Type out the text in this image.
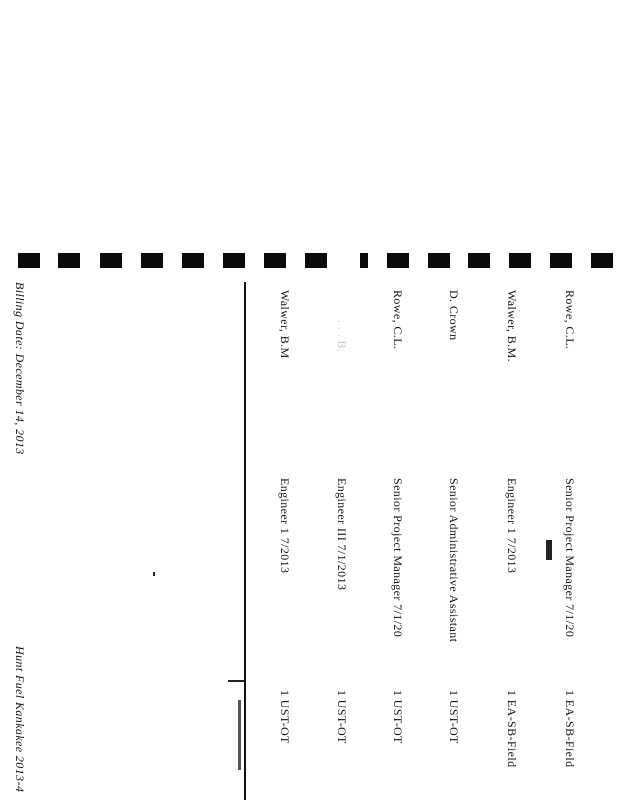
Rowe, C.L.
Senior Project Manager 7/1/20
1 EA-SB-Field
Walwer, B.M.
Engineer 1 7/2013
1 EA-SB-Field
D. Crown
Senior Administrative Assistant
1 UST-OT
Rowe, C.L.
Senior Project Manager 7/1/20
1 UST-OT
. . . B.
Engineer III 7/1/2013
1 UST-OT
Walwer, B.M
Engineer 1 7/2013
1 UST-OT
Billing Date: December 14, 2013
Hunt Fuel Kankakee 2013-4
